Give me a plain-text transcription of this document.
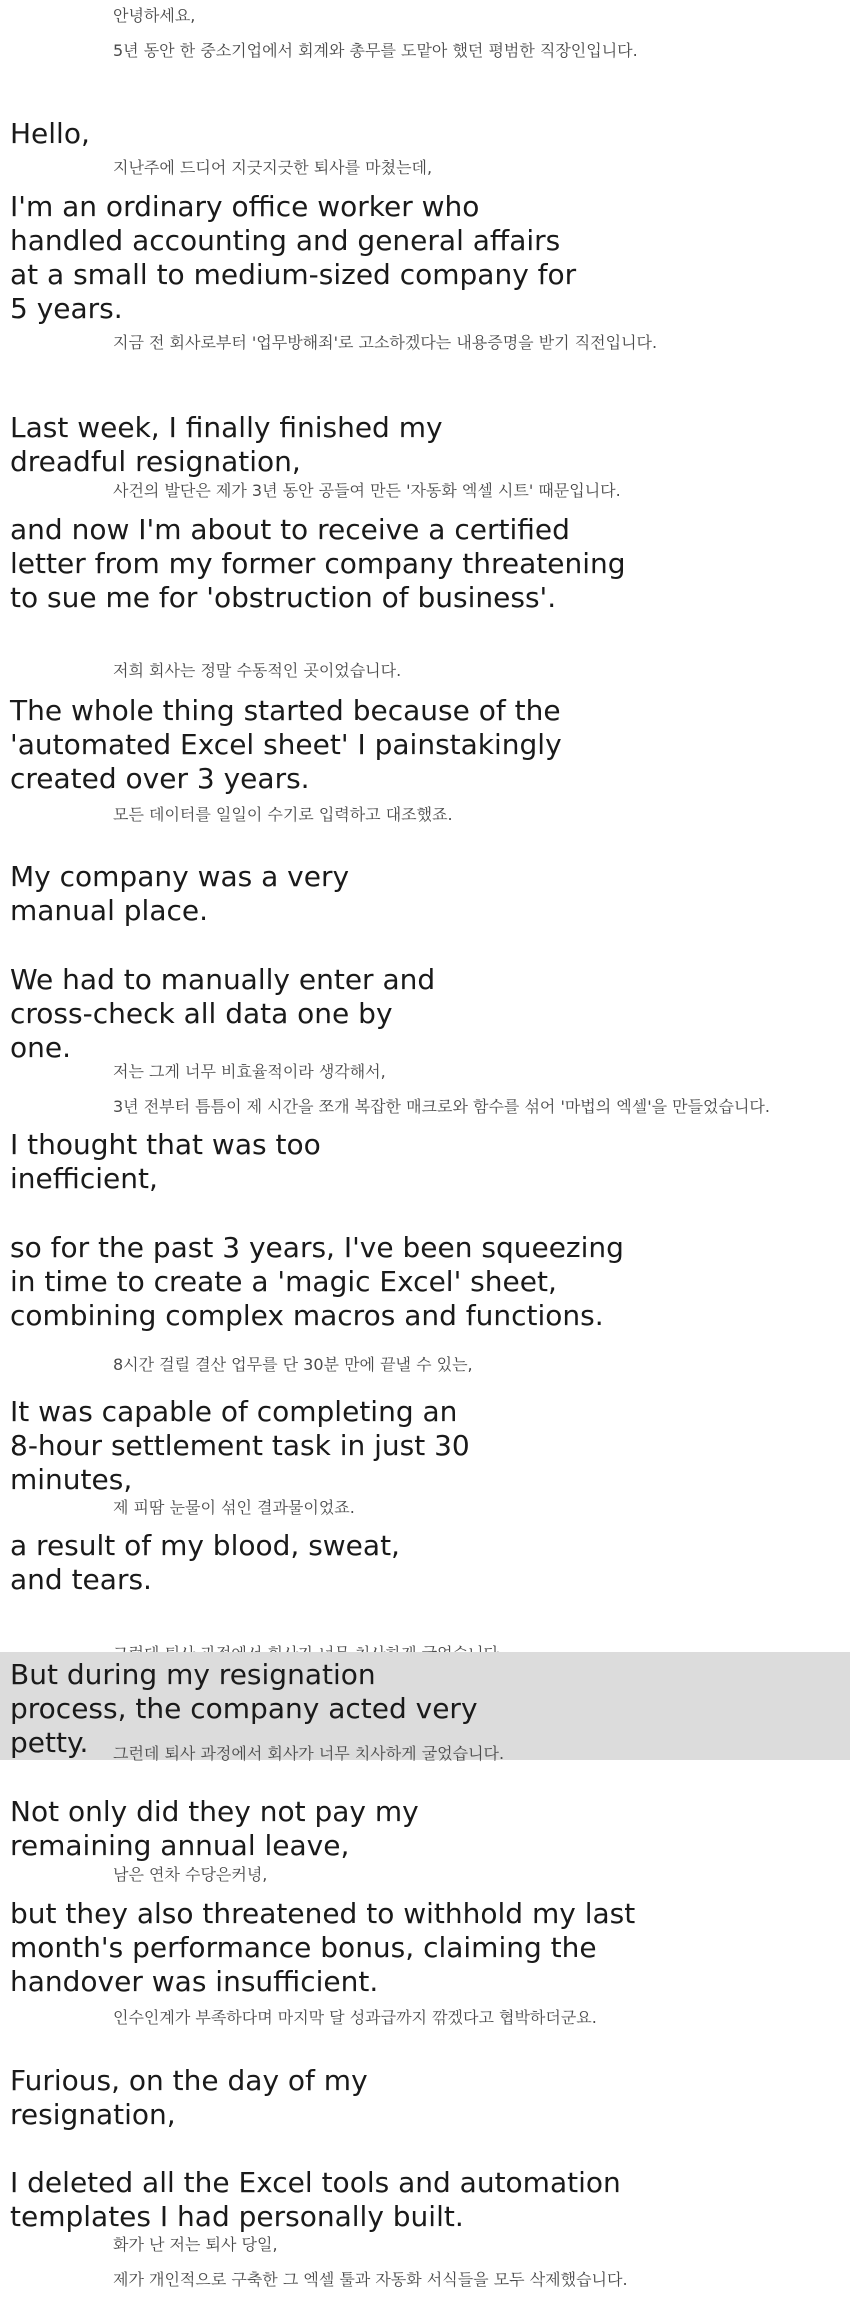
안녕하세요,

5년 동안 한 중소기업에서 회계와 총무를 도맡아 했던 평범한 직장인입니다.

Hello,

지난주에 드디어 지긋지긋한 퇴사를 마쳤는데,

I'm an ordinary office worker who
handled accounting and general affairs
at a small to medium-sized company for
5 years.

지금 전 회사로부터 '업무방해죄'로 고소하겠다는 내용증명을 받기 직전입니다.

Last week, I finally finished my
dreadful resignation,

사건의 발단은 제가 3년 동안 공들여 만든 '자동화 엑셀 시트' 때문입니다.

and now I'm about to receive a certified
letter from my former company threatening
to sue me for 'obstruction of business'.

저희 회사는 정말 수동적인 곳이었습니다.

The whole thing started because of the
'automated Excel sheet' I painstakingly
created over 3 years.

모든 데이터를 일일이 수기로 입력하고 대조했죠.

My company was a very
manual place.

We had to manually enter and
cross-check all data one by
one.

저는 그게 너무 비효율적이라 생각해서,

3년 전부터 틈틈이 제 시간을 쪼개 복잡한 매크로와 함수를 섞어 '마법의 엑셀'을 만들었습니다.

I thought that was too
inefficient,

so for the past 3 years, I've been squeezing
in time to create a 'magic Excel' sheet,
combining complex macros and functions.

8시간 걸릴 결산 업무를 단 30분 만에 끝낼 수 있는,

It was capable of completing an
8-hour settlement task in just 30
minutes,

제 피땀 눈물이 섞인 결과물이었죠.

a result of my blood, sweat,
and tears.

But during my resignation
process, the company acted very
petty.	그런데 퇴사 과정에서 회사가 너무 치사하게 굴었습니다.

Not only did they not pay my
remaining annual leave,

남은 연차 수당은커녕,

but they also threatened to withhold my last
month's performance bonus, claiming the
handover was insufficient.

인수인계가 부족하다며 마지막 달 성과급까지 깎겠다고 협박하더군요.

Furious, on the day of my
resignation,

I deleted all the Excel tools and automation
templates I had personally built.

화가 난 저는 퇴사 당일,

제가 개인적으로 구축한 그 엑셀 툴과 자동화 서식들을 모두 삭제했습니다.
